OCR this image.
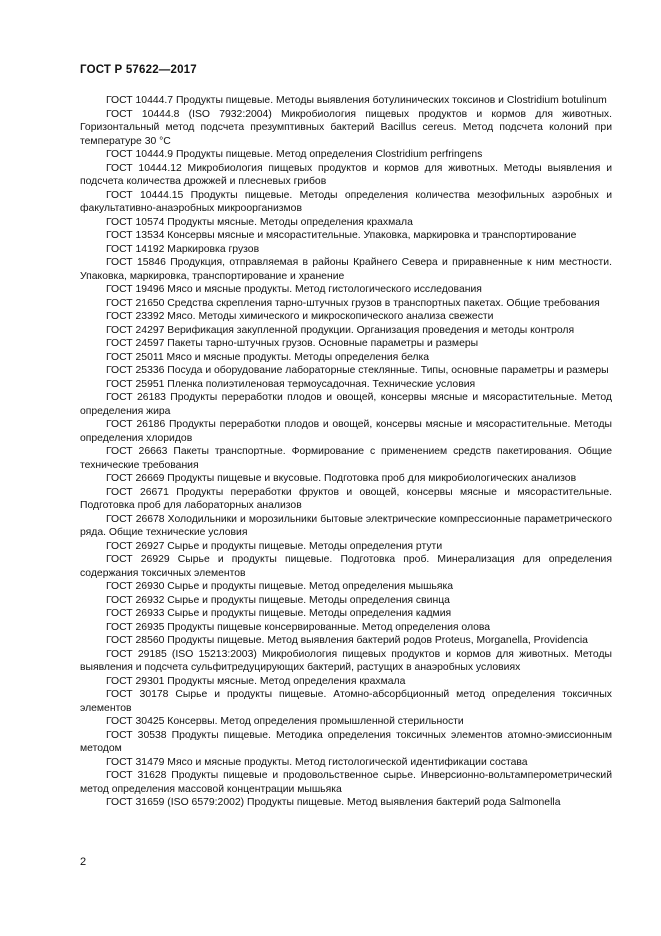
ГОСТ Р 57622—2017

ГОСТ 10444.7 Продукты пищевые. Методы выявления ботулинических токсинов и Clostridium botulinum

ГОСТ 10444.8 (ISO 7932:2004) Микробиология пищевых продуктов и кормов для животных. Горизонтальный метод подсчета презумптивных бактерий Bacillus cereus. Метод подсчета колоний при температуре 30 °С

ГОСТ 10444.9 Продукты пищевые. Метод определения Clostridium perfringens

ГОСТ 10444.12 Микробиология пищевых продуктов и кормов для животных. Методы выявления и подсчета количества дрожжей и плесневых грибов

ГОСТ 10444.15 Продукты пищевые. Методы определения количества мезофильных аэробных и факультативно-анаэробных микроорганизмов

ГОСТ 10574 Продукты мясные. Методы определения крахмала

ГОСТ 13534 Консервы мясные и мясорастительные. Упаковка, маркировка и транспортирование

ГОСТ 14192 Маркировка грузов

ГОСТ 15846 Продукция, отправляемая в районы Крайнего Севера и приравненные к ним местности. Упаковка, маркировка, транспортирование и хранение

ГОСТ 19496 Мясо и мясные продукты. Метод гистологического исследования

ГОСТ 21650 Средства скрепления тарно-штучных грузов в транспортных пакетах. Общие требования

ГОСТ 23392 Мясо. Методы химического и микроскопического анализа свежести

ГОСТ 24297 Верификация закупленной продукции. Организация проведения и методы контроля

ГОСТ 24597 Пакеты тарно-штучных грузов. Основные параметры и размеры

ГОСТ 25011 Мясо и мясные продукты. Методы определения белка

ГОСТ 25336 Посуда и оборудование лабораторные стеклянные. Типы, основные параметры и размеры

ГОСТ 25951 Пленка полиэтиленовая термоусадочная. Технические условия

ГОСТ 26183 Продукты переработки плодов и овощей, консервы мясные и мясорастительные. Метод определения жира

ГОСТ 26186 Продукты переработки плодов и овощей, консервы мясные и мясорастительные. Методы определения хлоридов

ГОСТ 26663 Пакеты транспортные. Формирование с применением средств пакетирования. Общие технические требования

ГОСТ 26669 Продукты пищевые и вкусовые. Подготовка проб для микробиологических анализов

ГОСТ 26671 Продукты переработки фруктов и овощей, консервы мясные и мясорастительные. Подготовка проб для лабораторных анализов

ГОСТ 26678 Холодильники и морозильники бытовые электрические компрессионные параметрического ряда. Общие технические условия

ГОСТ 26927 Сырье и продукты пищевые. Методы определения ртути

ГОСТ 26929 Сырье и продукты пищевые. Подготовка проб. Минерализация для определения содержания токсичных элементов

ГОСТ 26930 Сырье и продукты пищевые. Метод определения мышьяка

ГОСТ 26932 Сырье и продукты пищевые. Методы определения свинца

ГОСТ 26933 Сырье и продукты пищевые. Методы определения кадмия

ГОСТ 26935 Продукты пищевые консервированные. Метод определения олова

ГОСТ 28560 Продукты пищевые. Метод выявления бактерий родов Proteus, Morganella, Providencia

ГОСТ 29185 (ISO 15213:2003) Микробиология пищевых продуктов и кормов для животных. Методы выявления и подсчета сульфитредуцирующих бактерий, растущих в анаэробных условиях

ГОСТ 29301 Продукты мясные. Метод определения крахмала

ГОСТ 30178 Сырье и продукты пищевые. Атомно-абсорбционный метод определения токсичных элементов

ГОСТ 30425 Консервы. Метод определения промышленной стерильности

ГОСТ 30538 Продукты пищевые. Методика определения токсичных элементов атомно-эмиссионным методом

ГОСТ 31479 Мясо и мясные продукты. Метод гистологической идентификации состава

ГОСТ 31628 Продукты пищевые и продовольственное сырье. Инверсионно-вольтамперометрический метод определения массовой концентрации мышьяка

ГОСТ 31659 (ISO 6579:2002) Продукты пищевые. Метод выявления бактерий рода Salmonella

2
